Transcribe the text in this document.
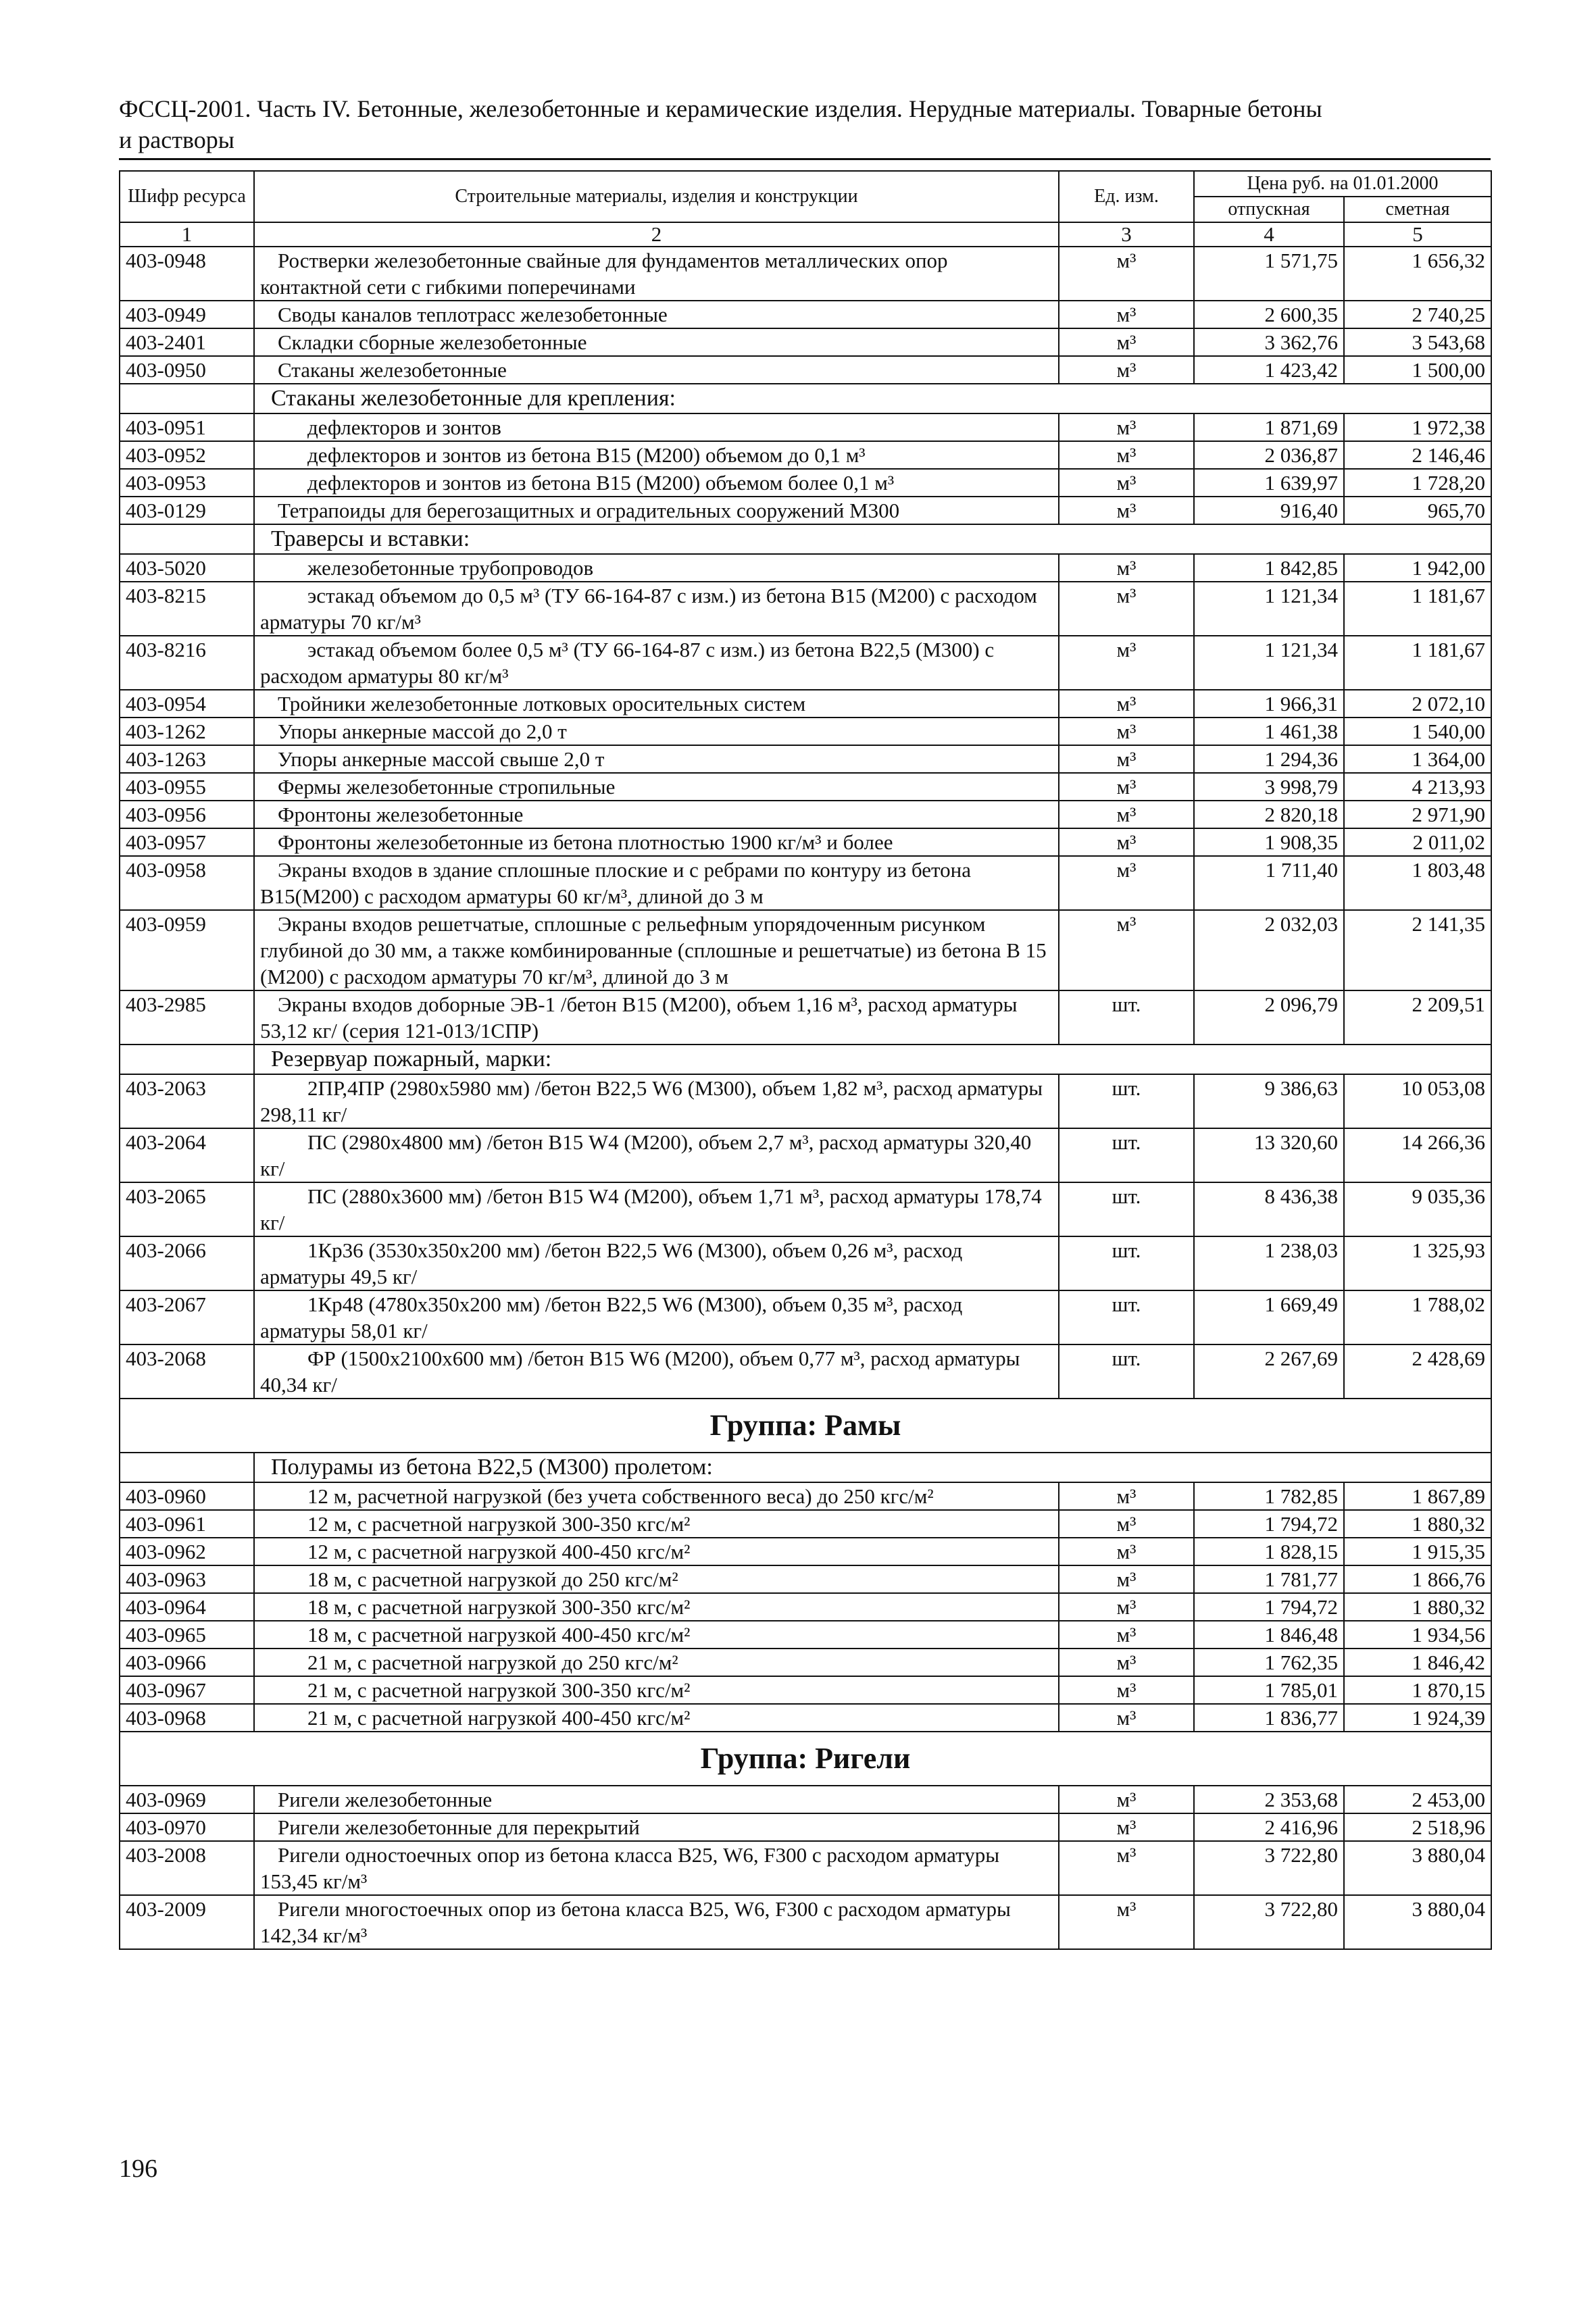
ФССЦ-2001. Часть IV. Бетонные, железобетонные и керамические изделия. Нерудные материалы. Товарные бетоны
и растворы
Шифр ресурса	Строительные материалы, изделия и конструкции	Ед. изм.	Цена руб. на 01.01.2000	
			отпускная	сметная
1	2	3	4	5
403-0948	Ростверки железобетонные свайные для фундаментов металлических опор контактной сети с гибкими поперечинами	м³	1 571,75	1 656,32
403-0949	Своды каналов теплотрасс железобетонные	м³	2 600,35	2 740,25
403-2401	Складки сборные железобетонные	м³	3 362,76	3 543,68
403-0950	Стаканы железобетонные	м³	1 423,42	1 500,00
	Стаканы железобетонные для крепления:			
403-0951	дефлекторов и зонтов	м³	1 871,69	1 972,38
403-0952	дефлекторов и зонтов из бетона В15 (М200) объемом до 0,1 м³	м³	2 036,87	2 146,46
403-0953	дефлекторов и зонтов из бетона В15 (М200) объемом более 0,1 м³	м³	1 639,97	1 728,20
403-0129	Тетрапоиды для берегозащитных и оградительных сооружений М300	м³	916,40	965,70
	Траверсы и вставки:			
403-5020	железобетонные трубопроводов	м³	1 842,85	1 942,00
403-8215	эстакад объемом до 0,5 м³ (ТУ 66-164-87 с изм.) из бетона В15 (М200) с расходом арматуры 70 кг/м³	м³	1 121,34	1 181,67
403-8216	эстакад объемом более 0,5 м³ (ТУ 66-164-87 с изм.) из бетона В22,5 (М300) с расходом арматуры 80 кг/м³	м³	1 121,34	1 181,67
403-0954	Тройники железобетонные лотковых оросительных систем	м³	1 966,31	2 072,10
403-1262	Упоры анкерные массой до 2,0 т	м³	1 461,38	1 540,00
403-1263	Упоры анкерные массой свыше 2,0 т	м³	1 294,36	1 364,00
403-0955	Фермы железобетонные стропильные	м³	3 998,79	4 213,93
403-0956	Фронтоны железобетонные	м³	2 820,18	2 971,90
403-0957	Фронтоны железобетонные из бетона плотностью 1900 кг/м³ и более	м³	1 908,35	2 011,02
403-0958	Экраны входов в здание сплошные плоские и с ребрами по контуру из бетона В15(М200) с расходом арматуры 60 кг/м³, длиной до 3 м	м³	1 711,40	1 803,48
403-0959	Экраны входов решетчатые, сплошные с рельефным упорядоченным рисунком глубиной до 30 мм, а также комбинированные (сплошные и решетчатые) из бетона В 15 (М200) с расходом арматуры 70 кг/м³, длиной до 3 м	м³	2 032,03	2 141,35
403-2985	Экраны входов доборные ЭВ-1 /бетон В15 (М200), объем 1,16 м³, расход арматуры 53,12 кг/ (серия 121-013/1СПР)	шт.	2 096,79	2 209,51
	Резервуар пожарный, марки:			
403-2063	2ПР,4ПР (2980х5980 мм) /бетон В22,5 W6 (М300), объем 1,82 м³, расход арматуры 298,11 кг/	шт.	9 386,63	10 053,08
403-2064	ПС (2980х4800 мм) /бетон В15 W4 (М200), объем 2,7 м³, расход арматуры 320,40 кг/	шт.	13 320,60	14 266,36
403-2065	ПС (2880х3600 мм) /бетон В15 W4 (М200), объем 1,71 м³, расход арматуры 178,74 кг/	шт.	8 436,38	9 035,36
403-2066	1Кр36 (3530х350х200 мм) /бетон В22,5 W6 (М300), объем 0,26 м³, расход арматуры 49,5 кг/	шт.	1 238,03	1 325,93
403-2067	1Кр48 (4780х350х200 мм) /бетон В22,5 W6 (М300), объем 0,35 м³, расход арматуры 58,01 кг/	шт.	1 669,49	1 788,02
403-2068	ФР (1500х2100х600 мм) /бетон В15 W6 (М200), объем 0,77 м³, расход арматуры 40,34 кг/	шт.	2 267,69	2 428,69
Группа: Рамы				
	Полурамы из бетона В22,5 (М300) пролетом:			
403-0960	12 м, расчетной нагрузкой (без учета собственного веса) до 250 кгс/м²	м³	1 782,85	1 867,89
403-0961	12 м, с расчетной нагрузкой 300-350 кгс/м²	м³	1 794,72	1 880,32
403-0962	12 м, с расчетной нагрузкой 400-450 кгс/м²	м³	1 828,15	1 915,35
403-0963	18 м, с расчетной нагрузкой до 250 кгс/м²	м³	1 781,77	1 866,76
403-0964	18 м, с расчетной нагрузкой 300-350 кгс/м²	м³	1 794,72	1 880,32
403-0965	18 м, с расчетной нагрузкой 400-450 кгс/м²	м³	1 846,48	1 934,56
403-0966	21 м, с расчетной нагрузкой до 250 кгс/м²	м³	1 762,35	1 846,42
403-0967	21 м, с расчетной нагрузкой 300-350 кгс/м²	м³	1 785,01	1 870,15
403-0968	21 м, с расчетной нагрузкой 400-450 кгс/м²	м³	1 836,77	1 924,39
Группа: Ригели				
403-0969	Ригели железобетонные	м³	2 353,68	2 453,00
403-0970	Ригели железобетонные для перекрытий	м³	2 416,96	2 518,96
403-2008	Ригели одностоечных опор из бетона класса В25, W6, F300 с расходом арматуры 153,45 кг/м³	м³	3 722,80	3 880,04
403-2009	Ригели многостоечных опор из бетона класса В25, W6, F300 с расходом арматуры 142,34 кг/м³	м³	3 722,80	3 880,04
196
